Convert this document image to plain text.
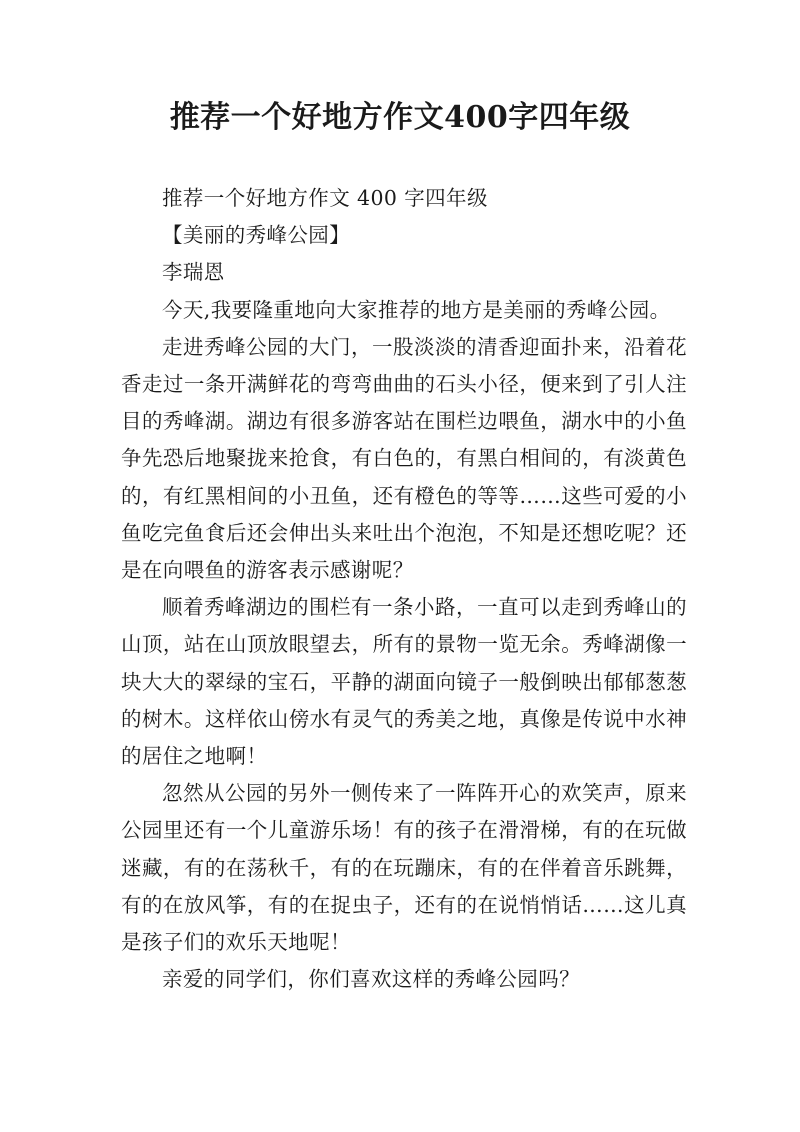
推荐一个好地方作文400字四年级

推荐一个好地方作文 400 字四年级

【美丽的秀峰公园】

李瑞恩

今天,我要隆重地向大家推荐的地方是美丽的秀峰公园。

走进秀峰公园的大门，一股淡淡的清香迎面扑来，沿着花香走过一条开满鲜花的弯弯曲曲的石头小径，便来到了引人注目的秀峰湖。湖边有很多游客站在围栏边喂鱼，湖水中的小鱼争先恐后地聚拢来抢食，有白色的，有黑白相间的，有淡黄色的，有红黑相间的小丑鱼，还有橙色的等等……这些可爱的小鱼吃完鱼食后还会伸出头来吐出个泡泡，不知是还想吃呢？还是在向喂鱼的游客表示感谢呢？

顺着秀峰湖边的围栏有一条小路，一直可以走到秀峰山的山顶，站在山顶放眼望去，所有的景物一览无余。秀峰湖像一块大大的翠绿的宝石，平静的湖面向镜子一般倒映出郁郁葱葱的树木。这样依山傍水有灵气的秀美之地，真像是传说中水神的居住之地啊！

忽然从公园的另外一侧传来了一阵阵开心的欢笑声，原来公园里还有一个儿童游乐场！有的孩子在滑滑梯，有的在玩做迷藏，有的在荡秋千，有的在玩蹦床，有的在伴着音乐跳舞，有的在放风筝，有的在捉虫子，还有的在说悄悄话……这儿真是孩子们的欢乐天地呢！

亲爱的同学们，你们喜欢这样的秀峰公园吗？
